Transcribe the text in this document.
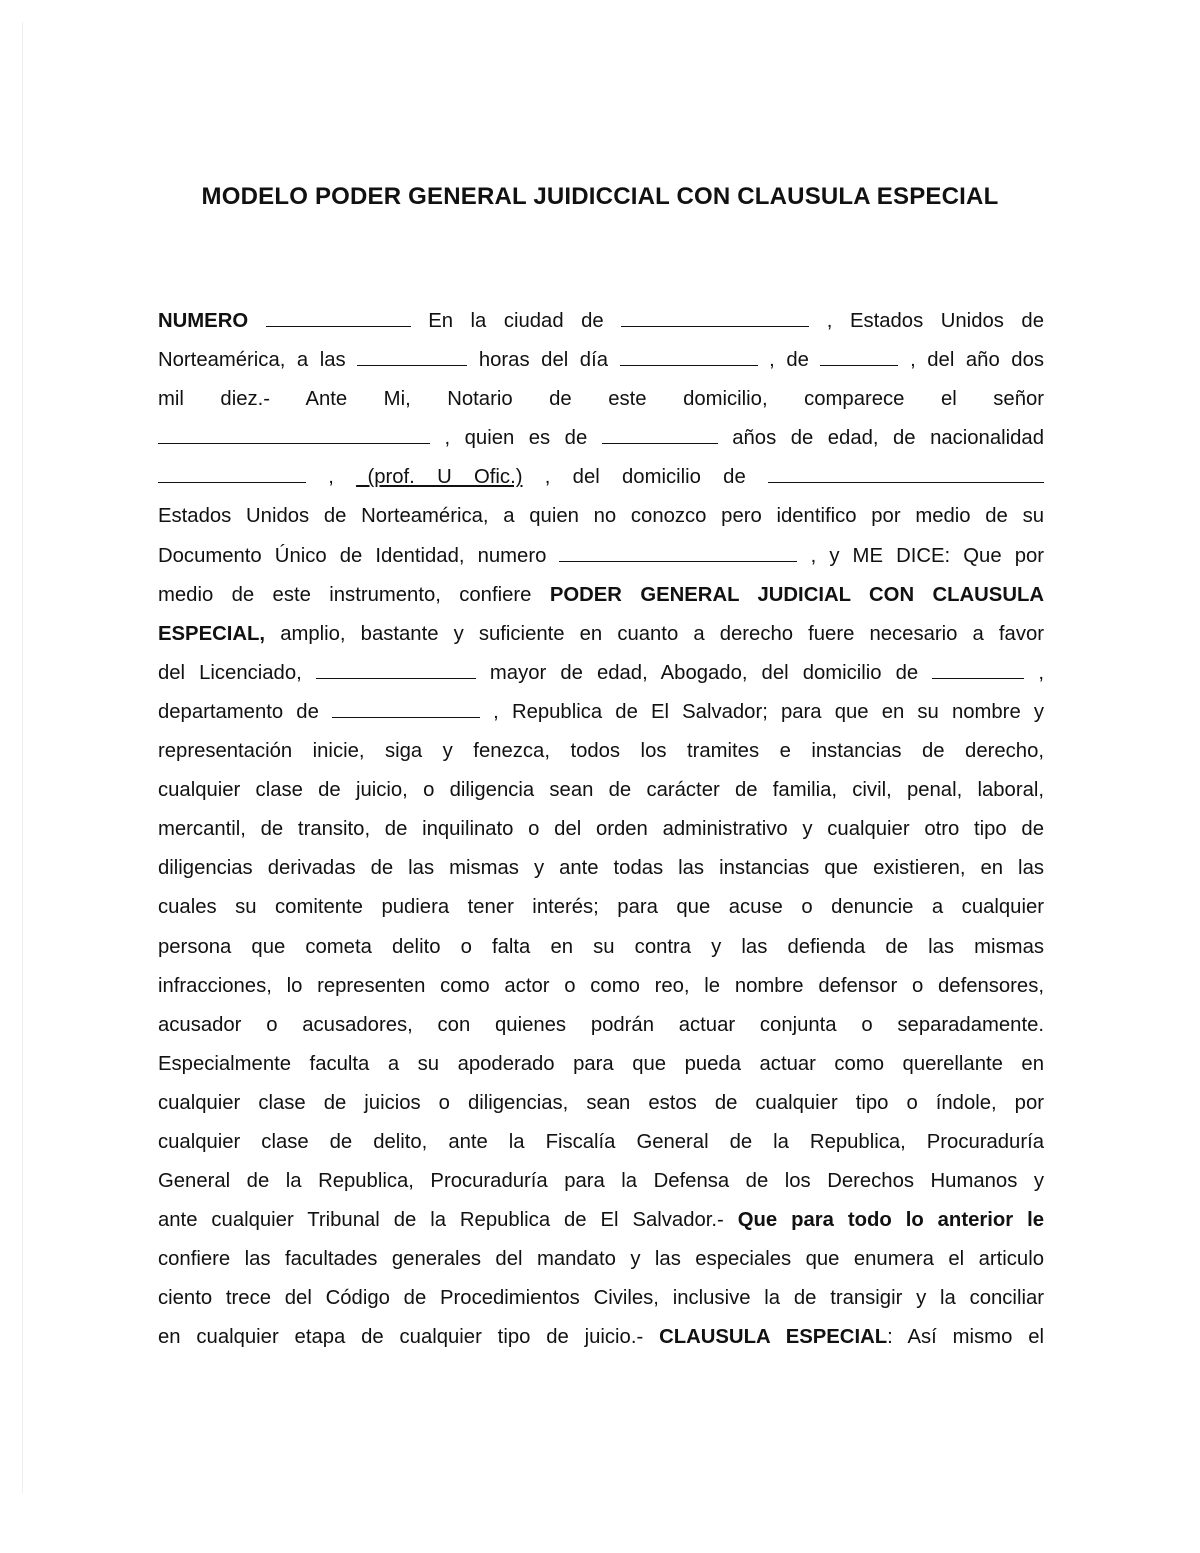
MODELO PODER GENERAL JUIDICCIAL CON CLAUSULA ESPECIAL
NUMERO	En la ciudad de	, Estados Unidos de
Norteamérica, a las	horas del día	, de	, del año dos
mil diez.- Ante Mi, Notario de este domicilio, comparece el señor
, quien es de	años de edad, de nacionalidad
, _(prof. U Ofic.) , del domicilio de
Estados Unidos de Norteamérica, a quien no conozco pero identifico por medio de su
Documento Único de Identidad, numero	, y ME DICE: Que por
medio de este instrumento, confiere PODER GENERAL JUDICIAL CON CLAUSULA
ESPECIAL, amplio, bastante y suficiente en cuanto a derecho fuere necesario a favor
del Licenciado,	mayor de edad, Abogado, del domicilio de	,
departamento de	, Republica de El Salvador; para que en su nombre y
representación inicie, siga y fenezca, todos los tramites e instancias de derecho,
cualquier clase de juicio, o diligencia sean de carácter de familia, civil, penal, laboral,
mercantil, de transito, de inquilinato o del orden administrativo y cualquier otro tipo de
diligencias derivadas de las mismas y ante todas las instancias que existieren, en las
cuales su comitente pudiera tener interés; para que acuse o denuncie a cualquier
persona que cometa delito o falta en su contra y las defienda de las mismas
infracciones, lo representen como actor o como reo, le nombre defensor o defensores,
acusador o acusadores, con quienes podrán actuar conjunta o separadamente.
Especialmente faculta a su apoderado para que pueda actuar como querellante en
cualquier clase de juicios o diligencias, sean estos de cualquier tipo o índole, por
cualquier clase de delito, ante la Fiscalía General de la Republica, Procuraduría
General de la Republica, Procuraduría para la Defensa de los Derechos Humanos y
ante cualquier Tribunal de la Republica de El Salvador.- Que para todo lo anterior le
confiere las facultades generales del mandato y las especiales que enumera el articulo
ciento trece del Código de Procedimientos Civiles, inclusive la de transigir y la conciliar
en cualquier etapa de cualquier tipo de juicio.- CLAUSULA ESPECIAL: Así mismo el
